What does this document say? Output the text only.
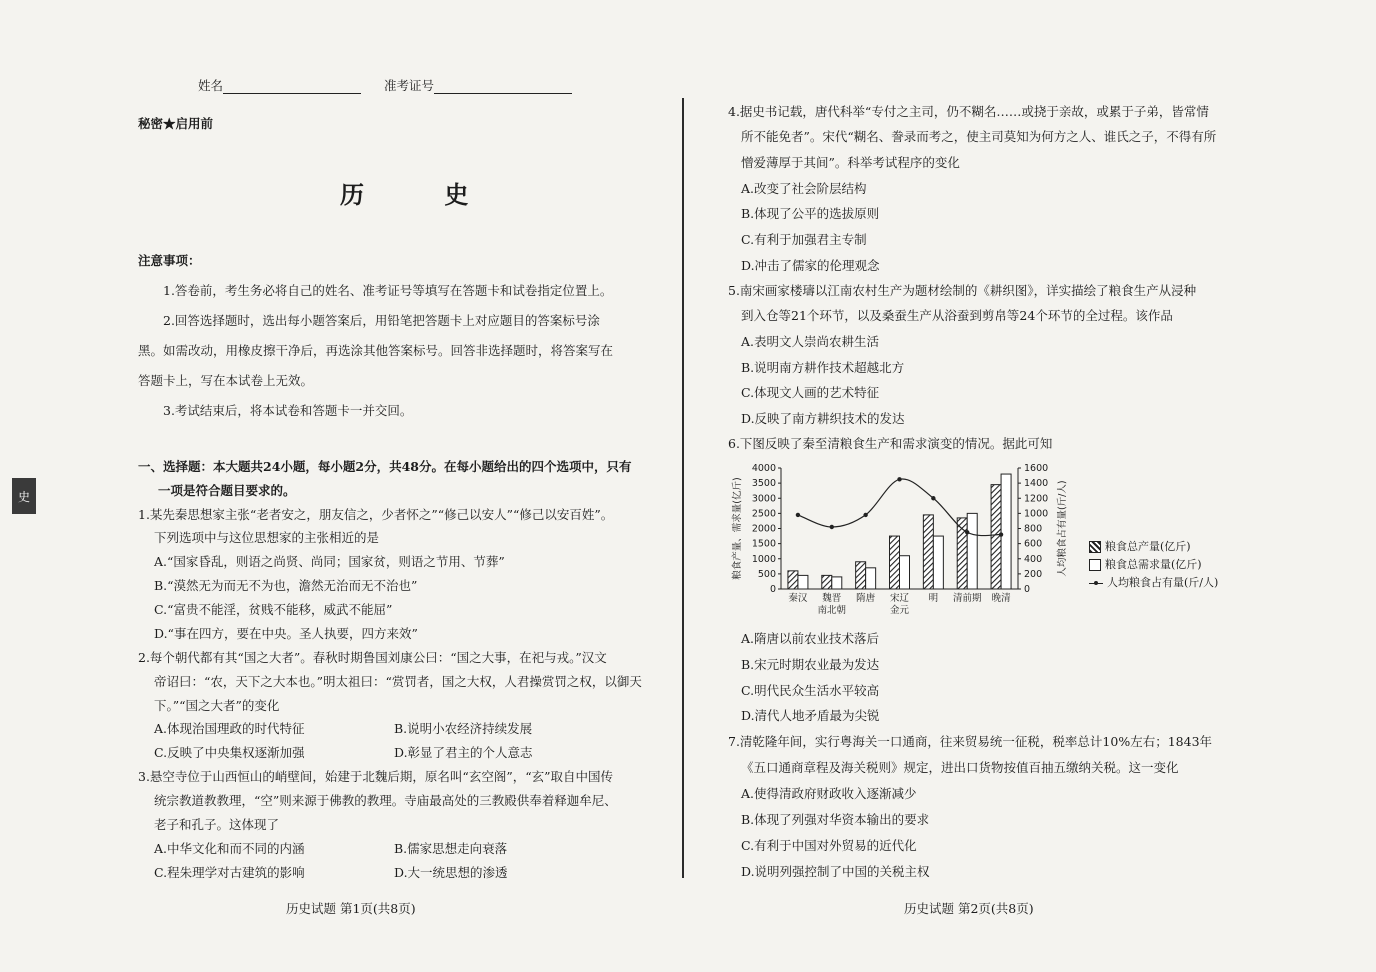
姓名	准考证号
秘密★启用前
历 史
注意事项：
1.答卷前，考生务必将自己的姓名、准考证号等填写在答题卡和试卷指定位置上。
2.回答选择题时，选出每小题答案后，用铅笔把答题卡上对应题目的答案标号涂
黑。如需改动，用橡皮擦干净后，再选涂其他答案标号。回答非选择题时，将答案写在
答题卡上，写在本试卷上无效。
3.考试结束后，将本试卷和答题卡一并交回。
一、选择题：本大题共24小题，每小题2分，共48分。在每小题给出的四个选项中，只有
一项是符合题目要求的。
1.某先秦思想家主张“老者安之，朋友信之，少者怀之”“修己以安人”“修己以安百姓”。
下列选项中与这位思想家的主张相近的是
A.“国家昏乱，则语之尚贤、尚同；国家贫，则语之节用、节葬”
B.“漠然无为而无不为也，澹然无治而无不治也”
C.“富贵不能淫，贫贱不能移，威武不能屈”
D.“事在四方，要在中央。圣人执要，四方来效”
2.每个朝代都有其“国之大者”。春秋时期鲁国刘康公曰：“国之大事，在祀与戎。”汉文
帝诏曰：“农，天下之大本也。”明太祖曰：“赏罚者，国之大权，人君操赏罚之权，以御天
下。”“国之大者”的变化
A.体现治国理政的时代特征	B.说明小农经济持续发展
C.反映了中央集权逐渐加强	D.彰显了君主的个人意志
3.悬空寺位于山西恒山的峭壁间，始建于北魏后期，原名叫“玄空阁”，“玄”取自中国传
统宗教道教教理，“空”则来源于佛教的教理。寺庙最高处的三教殿供奉着释迦牟尼、
老子和孔子。这体现了
A.中华文化和而不同的内涵	B.儒家思想走向衰落
C.程朱理学对古建筑的影响	D.大一统思想的渗透
历史试题 第1页(共8页)
史
4.据史书记载，唐代科举“专付之主司，仍不糊名……或挠于亲故，或累于子弟，皆常情
所不能免者”。宋代“糊名、誊录而考之，使主司莫知为何方之人、谁氏之子，不得有所
憎爱薄厚于其间”。科举考试程序的变化
A.改变了社会阶层结构
B.体现了公平的选拔原则
C.有利于加强君主专制
D.冲击了儒家的伦理观念
5.南宋画家楼璹以江南农村生产为题材绘制的《耕织图》，详实描绘了粮食生产从浸种
到入仓等21个环节，以及桑蚕生产从浴蚕到剪帛等24个环节的全过程。该作品
A.表明文人崇尚农耕生活
B.说明南方耕作技术超越北方
C.体现文人画的艺术特征
D.反映了南方耕织技术的发达
6.下图反映了秦至清粮食生产和需求演变的情况。据此可知
0
500
1000
1500
2000
2500
3000
3500
4000
0
200
400
600
800
1000
1200
1400
1600
粮食产量、需求量(亿斤)	人均粮食占有量(斤/人)
秦汉 魏晋
南北朝
隋唐 宋辽
金元
明 清前期 晚清
粮食总产量(亿斤)
粮食总需求量(亿斤)
人均粮食占有量(斤/人)
A.隋唐以前农业技术落后
B.宋元时期农业最为发达
C.明代民众生活水平较高
D.清代人地矛盾最为尖锐
7.清乾隆年间，实行粤海关一口通商，往来贸易统一征税，税率总计10%左右；1843年
《五口通商章程及海关税则》规定，进出口货物按值百抽五缴纳关税。这一变化
A.使得清政府财政收入逐渐减少
B.体现了列强对华资本输出的要求
C.有利于中国对外贸易的近代化
D.说明列强控制了中国的关税主权
历史试题 第2页(共8页)
